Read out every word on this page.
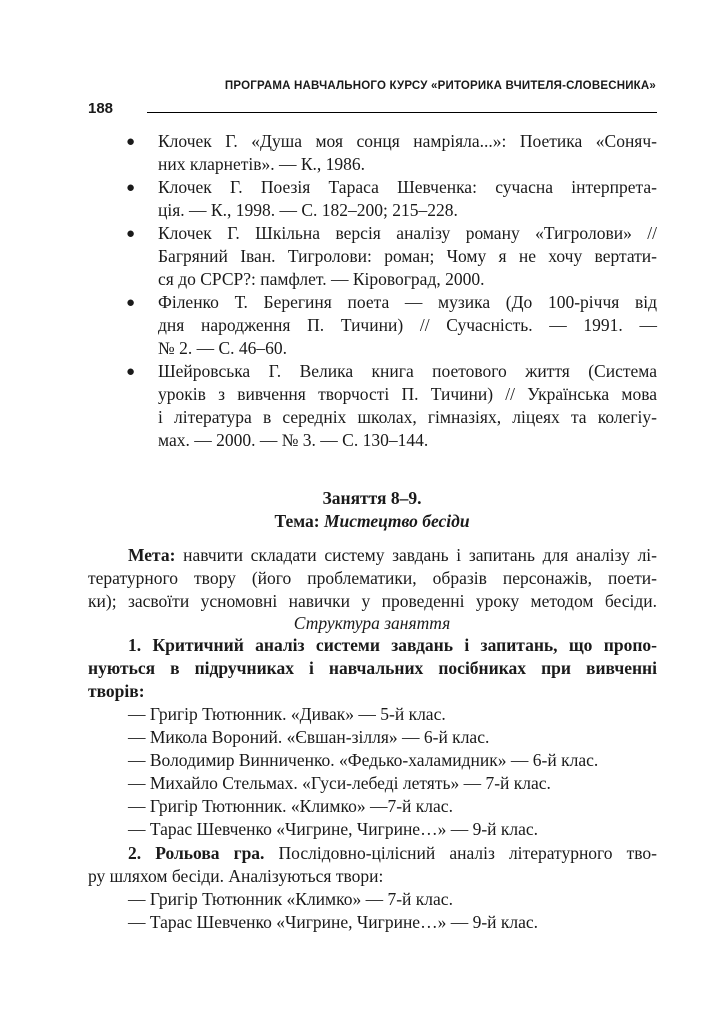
ПРОГРАМА НАВЧАЛЬНОГО КУРСУ «РИТОРИКА ВЧИТЕЛЯ-СЛОВЕСНИКА»
188
● Клочек Г. «Душа моя сонця намріяла...»: Поетика «Соняч-
них кларнетів». — К., 1986.
● Клочек Г. Поезія Тараса Шевченка: сучасна інтерпрета-
ція. — К., 1998. — С. 182–200; 215–228.
● Клочек Г. Шкільна версія аналізу роману «Тигролови» //
Багряний Іван. Тигролови: роман; Чому я не хочу вертати-
ся до СРСР?: памфлет. — Кіровоград, 2000.
● Філенко Т. Берегиня поета — музика (До 100-річчя від
дня народження П. Тичини) // Сучасність. — 1991. —
№ 2. — С. 46–60.
● Шейровська Г. Велика книга поетового життя (Система
уроків з вивчення творчості П. Тичини) // Українська мова
і література в середніх школах, гімназіях, ліцеях та колегіу-
мах. — 2000. — № 3. — С. 130–144.
Заняття 8–9.
Тема: Мистецтво бесіди
Мета: навчити складати систему завдань і запитань для аналізу лі-
тературного твору (його проблематики, образів персонажів, поети-
ки); засвоїти усномовні навички у проведенні уроку методом бесіди.
Структура заняття
1. Критичний аналіз системи завдань і запитань, що пропо-
нуються в підручниках і навчальних посібниках при вивченні
творів:
— Григір Тютюнник. «Дивак» — 5-й клас.
— Микола Вороний. «Євшан-зілля» — 6-й клас.
— Володимир Винниченко. «Федько-халамидник» — 6-й клас.
— Михайло Стельмах. «Гуси-лебеді летять» — 7-й клас.
— Григір Тютюнник. «Климко» —7-й клас.
— Тарас Шевченко «Чигрине, Чигрине…» — 9-й клас.
2. Рольова гра. Послідовно-цілісний аналіз літературного тво-
ру шляхом бесіди. Аналізуються твори:
— Григір Тютюнник «Климко» — 7-й клас.
— Тарас Шевченко «Чигрине, Чигрине…» — 9-й клас.
